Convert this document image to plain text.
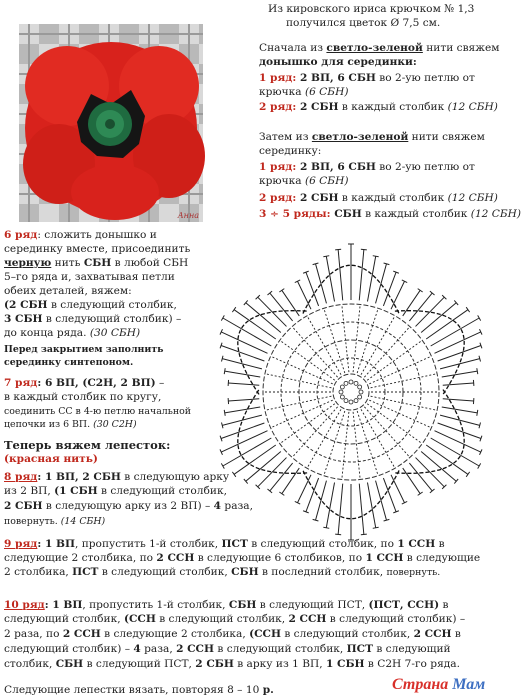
Из кировского ириса крючком № 1,3
получился цветок Ø 7,5 см.
Анна
Сначала из светло-зеленой нити свяжем
донышко для серединки:
1 ряд: 2 ВП, 6 СБН во 2-ую петлю от
крючка (6 СБН)
2 ряд: 2 СБН в каждый столбик (12 СБН)
Затем из светло-зеленой нити свяжем
серединку:
1 ряд: 2 ВП, 6 СБН во 2-ую петлю от
крючка (6 СБН)
2 ряд: 2 СБН в каждый столбик (12 СБН)
3 ÷ 5 ряды: СБН в каждый столбик (12 СБН)
6 ряд: сложить донышко и
серединку вместе, присоединить
черную нить СБН в любой СБН
5–го ряда и, захватывая петли
обеих деталей, вяжем:
(2 СБН в следующий столбик,
3 СБН в следующий столбик) –
до конца ряда. (30 СБН)
Перед закрытием заполнить
серединку синтепоном.
7 ряд: 6 ВП, (С2Н, 2 ВП) –
в каждый столбик по кругу,
соединить СС в 4-ю петлю начальной
цепочки из 6 ВП. (30 С2Н)
Теперь вяжем лепесток:
(красная нить)
8 ряд: 1 ВП, 2 СБН в следующую арку
из 2 ВП, (1 СБН в следующий столбик,
2 СБН в следующую арку из 2 ВП) – 4 раза,
повернуть. (14 СБН)
9 ряд: 1 ВП, пропустить 1-й столбик, ПСТ в следующий столбик, по 1 ССН в
следующие 2 столбика, по 2 ССН в следующие 6 столбиков, по 1 ССН в следующие
2 столбика, ПСТ в следующий столбик, СБН в последний столбик, повернуть.
10 ряд: 1 ВП, пропустить 1-й столбик, СБН в следующий ПСТ, (ПСТ, ССН) в
следующий столбик, (ССН в следующий столбик, 2 ССН в следующий столбик) –
2 раза, по 2 ССН в следующие 2 столбика, (ССН в следующий столбик, 2 ССН в
следующий столбик) – 4 раза, 2 ССН в следующий столбик, ПСТ в следующий
столбик, СБН в следующий ПСТ, 2 СБН в арку из 1 ВП, 1 СБН в С2Н 7-го ряда.
Следующие лепестки вязать, повторяя 8 – 10 р.	Страна Мам
